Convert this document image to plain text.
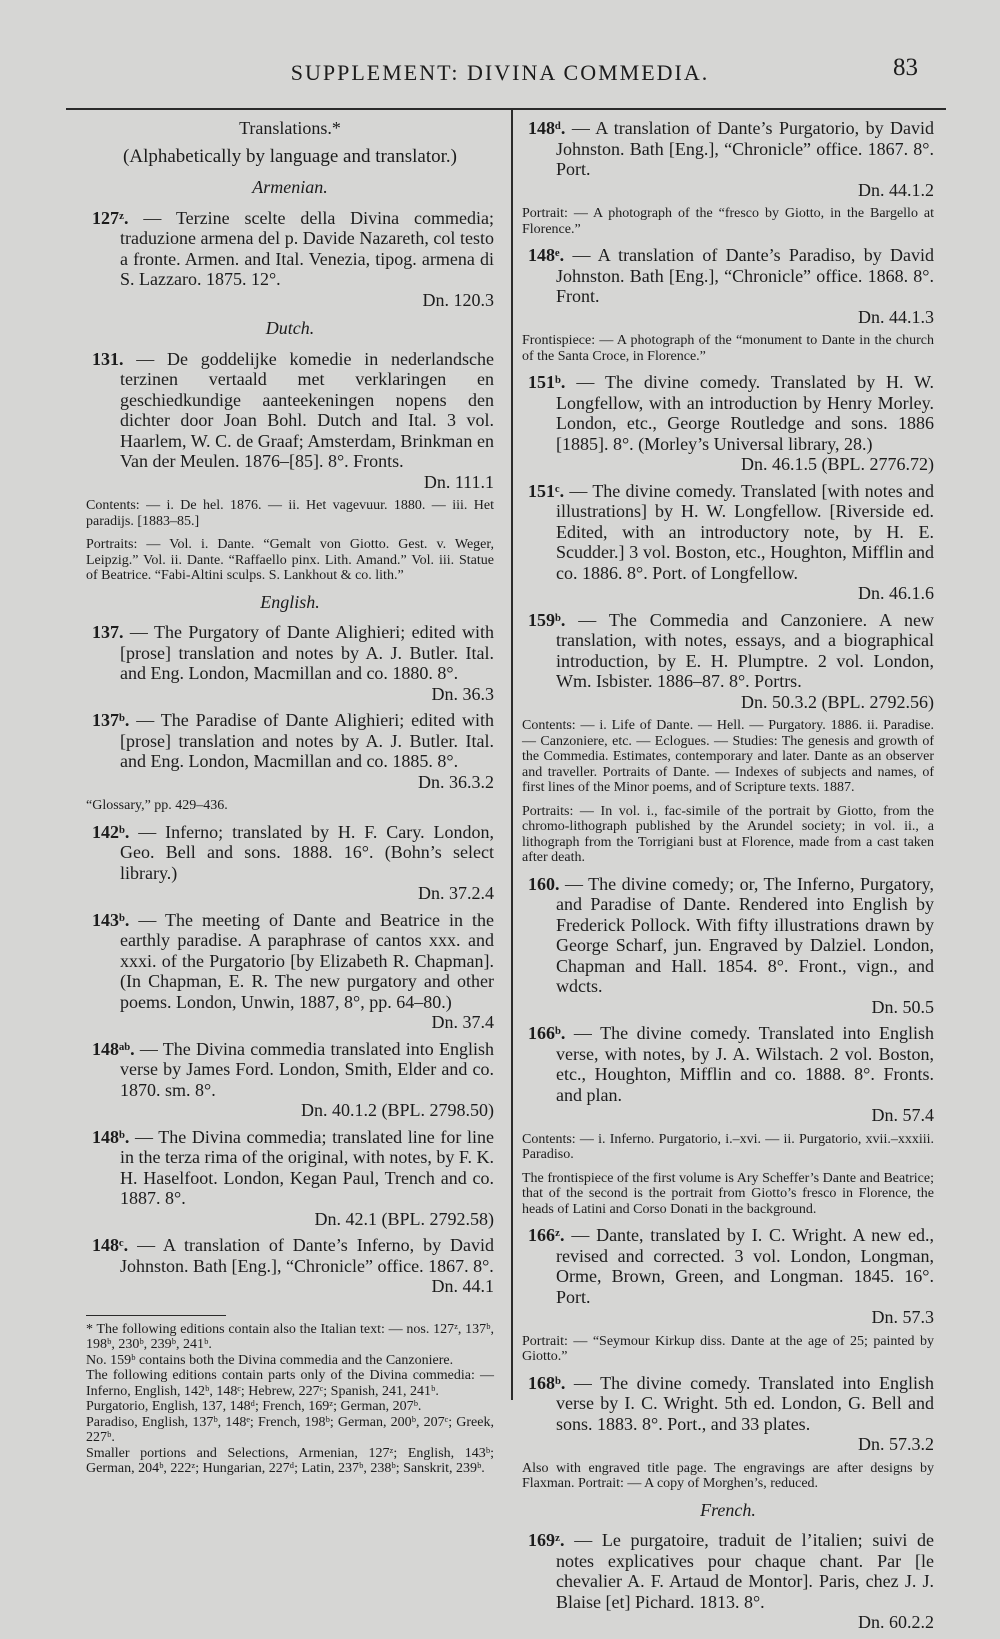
SUPPLEMENT: DIVINA COMMEDIA.	83
Translations.*
(Alphabetically by language and translator.)
Armenian.
127ᶻ. — Terzine scelte della Divina commedia; traduzione armena del p. Davide Nazareth, col testo a fronte. Armen. and Ital. Venezia, tipog. armena di S. Lazzaro. 1875. 12°.
Dn. 120.3
Dutch.
131. — De goddelijke komedie in nederlandsche terzinen vertaald met verklaringen en geschiedkundige aanteekeningen nopens den dichter door Joan Bohl. Dutch and Ital. 3 vol. Haarlem, W. C. de Graaf; Amsterdam, Brinkman en Van der Meulen. 1876–[85]. 8°. Fronts.
Dn. 111.1
Contents: — i. De hel. 1876. — ii. Het vagevuur. 1880. — iii. Het paradijs. [1883–85.]
Portraits: — Vol. i. Dante. “Gemalt von Giotto. Gest. v. Weger, Leipzig.” Vol. ii. Dante. “Raffaello pinx. Lith. Amand.” Vol. iii. Statue of Beatrice. “Fabi-Altini sculps. S. Lankhout & co. lith.”
English.
137. — The Purgatory of Dante Alighieri; edited with [prose] translation and notes by A. J. Butler. Ital. and Eng. London, Macmillan and co. 1880. 8°.
Dn. 36.3
137ᵇ. — The Paradise of Dante Alighieri; edited with [prose] translation and notes by A. J. Butler. Ital. and Eng. London, Macmillan and co. 1885. 8°.
Dn. 36.3.2
“Glossary,” pp. 429–436.
142ᵇ. — Inferno; translated by H. F. Cary. London, Geo. Bell and sons. 1888. 16°. (Bohn’s select library.)
Dn. 37.2.4
143ᵇ. — The meeting of Dante and Beatrice in the earthly paradise. A paraphrase of cantos xxx. and xxxi. of the Purgatorio [by Elizabeth R. Chapman]. (In Chapman, E. R. The new purgatory and other poems. London, Unwin, 1887, 8°, pp. 64–80.)
Dn. 37.4
148ᵃᵇ. — The Divina commedia translated into English verse by James Ford. London, Smith, Elder and co. 1870. sm. 8°.
Dn. 40.1.2 (BPL. 2798.50)
148ᵇ. — The Divina commedia; translated line for line in the terza rima of the original, with notes, by F. K. H. Haselfoot. London, Kegan Paul, Trench and co. 1887. 8°.
Dn. 42.1 (BPL. 2792.58)
148ᶜ. — A translation of Dante’s Inferno, by David Johnston. Bath [Eng.], “Chronicle” office. 1867. 8°.
Dn. 44.1

* The following editions contain also the Italian text: — nos. 127ᶻ, 137ᵇ, 198ᵇ, 230ᵇ, 239ᵇ, 241ᵇ.

No. 159ᵇ contains both the Divina commedia and the Canzoniere.

The following editions contain parts only of the Divina commedia: — Inferno, English, 142ᵇ, 148ᶜ; Hebrew, 227ᶜ; Spanish, 241, 241ᵇ.

Purgatorio, English, 137, 148ᵈ; French, 169ᶻ; German, 207ᵇ.

Paradiso, English, 137ᵇ, 148ᵉ; French, 198ᵇ; German, 200ᵇ, 207ᶜ; Greek, 227ᵇ.

Smaller portions and Selections, Armenian, 127ᶻ; English, 143ᵇ; German, 204ᵇ, 222ᶻ; Hungarian, 227ᵈ; Latin, 237ᵇ, 238ᵇ; Sanskrit, 239ᵇ.

148ᵈ. — A translation of Dante’s Purgatorio, by David Johnston. Bath [Eng.], “Chronicle” office. 1867. 8°. Port.
Dn. 44.1.2
Portrait: — A photograph of the “fresco by Giotto, in the Bargello at Florence.”
148ᵉ. — A translation of Dante’s Paradiso, by David Johnston. Bath [Eng.], “Chronicle” office. 1868. 8°. Front.
Dn. 44.1.3
Frontispiece: — A photograph of the “monument to Dante in the church of the Santa Croce, in Florence.”
151ᵇ. — The divine comedy. Translated by H. W. Longfellow, with an introduction by Henry Morley. London, etc., George Routledge and sons. 1886 [1885]. 8°. (Morley’s Universal library, 28.)
Dn. 46.1.5 (BPL. 2776.72)
151ᶜ. — The divine comedy. Translated [with notes and illustrations] by H. W. Longfellow. [Riverside ed. Edited, with an introductory note, by H. E. Scudder.] 3 vol. Boston, etc., Houghton, Mifflin and co. 1886. 8°. Port. of Longfellow.
Dn. 46.1.6
159ᵇ. — The Commedia and Canzoniere. A new translation, with notes, essays, and a biographical introduction, by E. H. Plumptre. 2 vol. London, Wm. Isbister. 1886–87. 8°. Portrs.
Dn. 50.3.2 (BPL. 2792.56)
Contents: — i. Life of Dante. — Hell. — Purgatory. 1886. ii. Paradise. — Canzoniere, etc. — Eclogues. — Studies: The genesis and growth of the Commedia. Estimates, contemporary and later. Dante as an observer and traveller. Portraits of Dante. — Indexes of subjects and names, of first lines of the Minor poems, and of Scripture texts. 1887.
Portraits: — In vol. i., fac-simile of the portrait by Giotto, from the chromo-lithograph published by the Arundel society; in vol. ii., a lithograph from the Torrigiani bust at Florence, made from a cast taken after death.
160. — The divine comedy; or, The Inferno, Purgatory, and Paradise of Dante. Rendered into English by Frederick Pollock. With fifty illustrations drawn by George Scharf, jun. Engraved by Dalziel. London, Chapman and Hall. 1854. 8°. Front., vign., and wdcts.
Dn. 50.5
166ᵇ. — The divine comedy. Translated into English verse, with notes, by J. A. Wilstach. 2 vol. Boston, etc., Houghton, Mifflin and co. 1888. 8°. Fronts. and plan.
Dn. 57.4
Contents: — i. Inferno. Purgatorio, i.–xvi. — ii. Purgatorio, xvii.–xxxiii. Paradiso.
The frontispiece of the first volume is Ary Scheffer’s Dante and Beatrice; that of the second is the portrait from Giotto’s fresco in Florence, the heads of Latini and Corso Donati in the background.
166ᶻ. — Dante, translated by I. C. Wright. A new ed., revised and corrected. 3 vol. London, Longman, Orme, Brown, Green, and Longman. 1845. 16°. Port.
Dn. 57.3
Portrait: — “Seymour Kirkup diss. Dante at the age of 25; painted by Giotto.”
168ᵇ. — The divine comedy. Translated into English verse by I. C. Wright. 5th ed. London, G. Bell and sons. 1883. 8°. Port., and 33 plates.
Dn. 57.3.2
Also with engraved title page. The engravings are after designs by Flaxman. Portrait: — A copy of Morghen’s, reduced.
French.
169ᶻ. — Le purgatoire, traduit de l’italien; suivi de notes explicatives pour chaque chant. Par [le chevalier A. F. Artaud de Montor]. Paris, chez J. J. Blaise [et] Pichard. 1813. 8°.
Dn. 60.2.2
